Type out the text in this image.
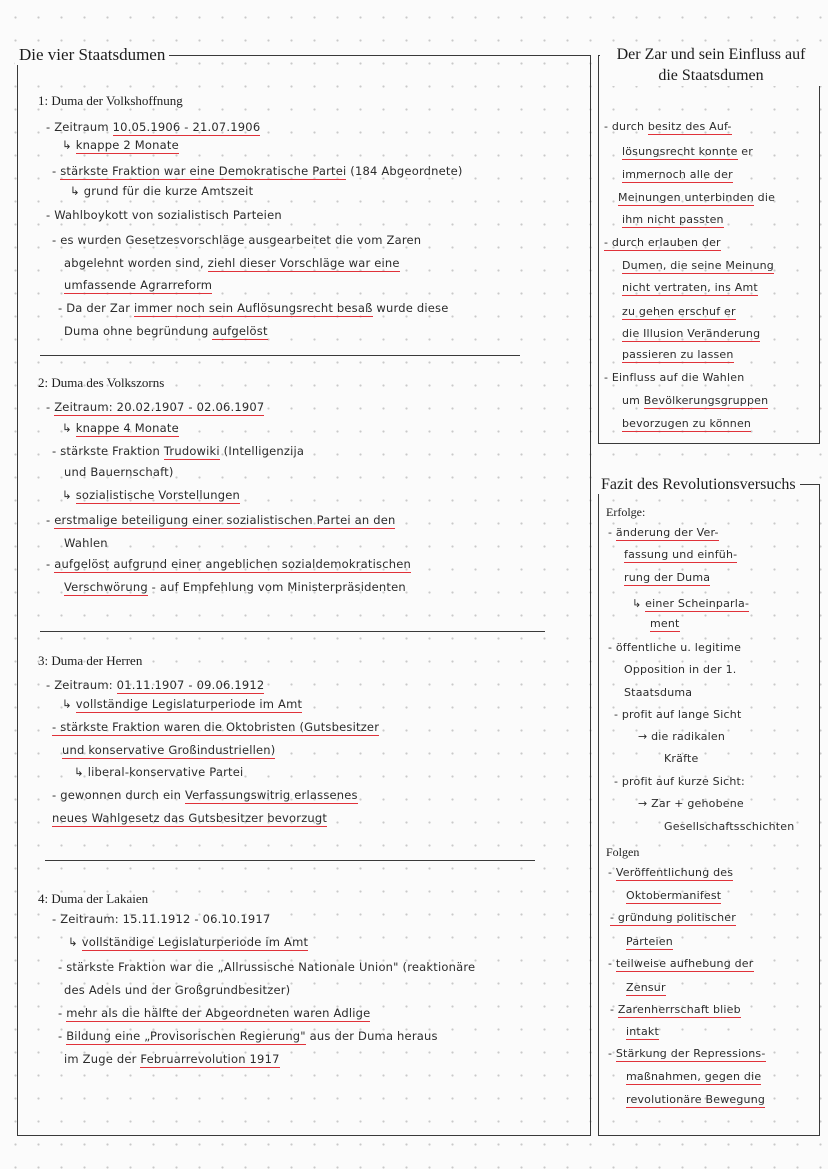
Die vier Staatsdumen
1: Duma der Volkshoffnung
- Zeitraum 10.05.1906 - 21.07.1906
↳ knappe 2 Monate
- stärkste Fraktion war eine Demokratische Partei (184 Abgeordnete)
↳ grund für die kurze Amtszeit
- Wahlboykott von sozialistisch Parteien
- es wurden Gesetzesvorschläge ausgearbeitet die vom Zaren
abgelehnt worden sind, ziehl dieser Vorschläge war eine
umfassende Agrarreform
- Da der Zar immer noch sein Auflösungsrecht besaß wurde diese
Duma ohne begründung aufgelöst
2: Duma des Volkszorns
- Zeitraum: 20.02.1907 - 02.06.1907
↳ knappe 4 Monate
- stärkste Fraktion Trudowiki (Intelligenzija
und Bauernschaft)
↳ sozialistische Vorstellungen
- erstmalige beteiligung einer sozialistischen Partei an den
Wahlen
- aufgelöst aufgrund einer angeblichen sozialdemokratischen
Verschwörung - auf Empfehlung vom Ministerpräsidenten
3: Duma der Herren
- Zeitraum: 01.11.1907 - 09.06.1912
↳ vollständige Legislaturperiode im Amt
- stärkste Fraktion waren die Oktobristen (Gutsbesitzer
und konservative Großindustriellen)
↳ liberal-konservative Partei
- gewonnen durch ein Verfassungswitrig erlassenes
neues Wahlgesetz das Gutsbesitzer bevorzugt
4: Duma der Lakaien
- Zeitraum: 15.11.1912 - 06.10.1917
↳ vollständige Legislaturperiode im Amt
- stärkste Fraktion war die „Allrussische Nationale Union" (reaktionäre
des Adels und der Großgrundbesitzer)
- mehr als die hälfte der Abgeordneten waren Adlige
- Bildung eine „Provisorischen Regierung" aus der Duma heraus
im Zuge der Februarrevolution 1917
Der Zar und sein Einfluss auf
die Staatsdumen
- durch besitz des Auf-
lösungsrecht konnte er
immernoch alle der
Meinungen unterbinden die
ihm nicht passten
- durch erlauben der
Dumen, die seine Meinung
nicht vertraten, ins Amt
zu gehen erschuf er
die Illusion Veränderung
passieren zu lassen
- Einfluss auf die Wahlen
um Bevölkerungsgruppen
bevorzugen zu können
Fazit des Revolutionsversuchs
Erfolge:
- änderung der Ver-
fassung und einfüh-
rung der Duma
↳ einer Scheinparla-
ment
- öffentliche u. legitime
Opposition in der 1.
Staatsduma
- profit auf lange Sicht
→ die radikalen
Kräfte
- profit auf kurze Sicht:
→ Zar + gehobene
Gesellschaftsschichten
Folgen
- Veröffentlichung des
Oktobermanifest
- gründung politischer
Parteien
- teilweise aufhebung der
Zensur
- Zarenherrschaft blieb
intakt
- Stärkung der Repressions-
maßnahmen, gegen die
revolutionäre Bewegung
